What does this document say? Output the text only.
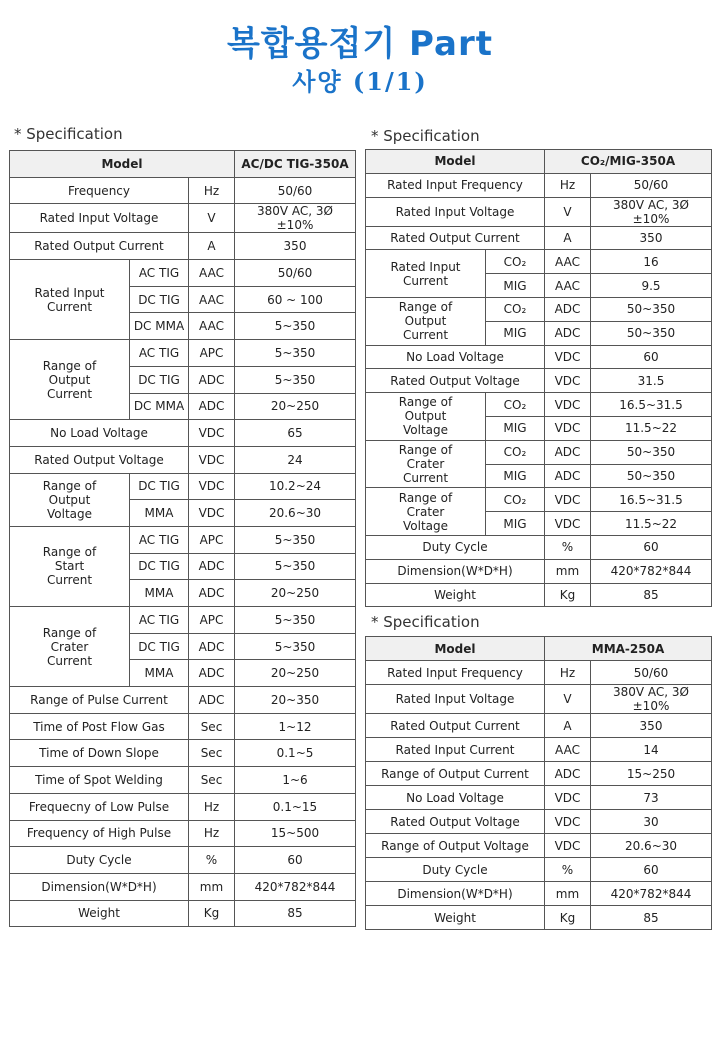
복합용접기 Part
사양 (1/1)
* Specification	* Specification
* Specification
Model			AC/DC TIG-350A
Frequency		Hz	50/60
Rated Input Voltage		V	380V AC, 3Ø ±10%
Rated Output Current		A	350
Rated Input Current	AC TIG	AAC	50/60
	DC TIG	AAC	60 ~ 100
	DC MMA	AAC	5~350
Range of Output Current	AC TIG	APC	5~350
	DC TIG	ADC	5~350
	DC MMA	ADC	20~250
No Load Voltage		VDC	65
Rated Output Voltage		VDC	24
Range of Output Voltage	DC TIG	VDC	10.2~24
	MMA	VDC	20.6~30
Range of Start Current	AC TIG	APC	5~350
	DC TIG	ADC	5~350
	MMA	ADC	20~250
Range of Crater Current	AC TIG	APC	5~350
	DC TIG	ADC	5~350
	MMA	ADC	20~250
Range of Pulse Current		ADC	20~350
Time of Post Flow Gas		Sec	1~12
Time of Down Slope		Sec	0.1~5
Time of Spot Welding		Sec	1~6
Frequecny of Low Pulse		Hz	0.1~15
Frequency of High Pulse		Hz	15~500
Duty Cycle		%	60
Dimension(W*D*H)		mm	420*782*844
Weight		Kg	85
Model		CO₂/MIG-350A	
Rated Input Frequency		Hz	50/60
Rated Input Voltage		V	380V AC, 3Ø ±10%
Rated Output Current		A	350
Rated Input Current	CO₂	AAC	16
	MIG	AAC	9.5
Range of Output Current	CO₂	ADC	50~350
	MIG	ADC	50~350
No Load Voltage		VDC	60
Rated Output Voltage		VDC	31.5
Range of Output Voltage	CO₂	VDC	16.5~31.5
	MIG	VDC	11.5~22
Range of Crater Current	CO₂	ADC	50~350
	MIG	ADC	50~350
Range of Crater Voltage	CO₂	VDC	16.5~31.5
	MIG	VDC	11.5~22
Duty Cycle		%	60
Dimension(W*D*H)		mm	420*782*844
Weight		Kg	85
Model	MMA-250A	
Rated Input Frequency	Hz	50/60
Rated Input Voltage	V	380V AC, 3Ø ±10%
Rated Output Current	A	350
Rated Input Current	AAC	14
Range of Output Current	ADC	15~250
No Load Voltage	VDC	73
Rated Output Voltage	VDC	30
Range of Output Voltage	VDC	20.6~30
Duty Cycle	%	60
Dimension(W*D*H)	mm	420*782*844
Weight	Kg	85
